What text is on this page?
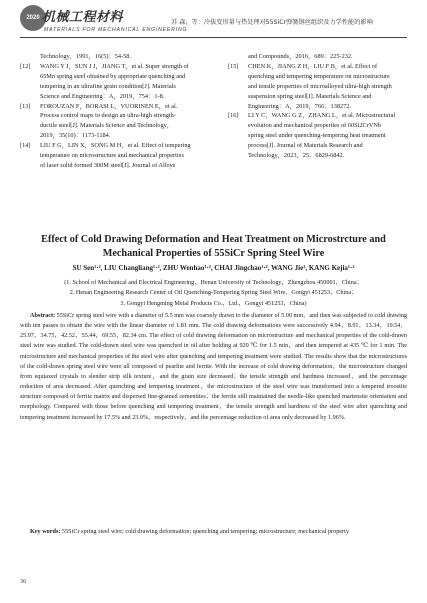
2020 机械工程材料
MATERIALS FOR MECHANICAL ENGINEERING
苏 森，等：冷拔变形量与热处理对55SiCr弹簧钢丝组织及力学性能的影响
Technology，1991，16(5)：54-58.
[12] WANG Y J，SUN J J，JIANG T，et al. Super strength of
65Mn spring steel obtained by appropriate quenching and
tempering in an ultrafine grain condition[J]. Materials
Science and Engineering：A，2019，754：1-8.
[13] FOROUZAN F，BORASI L，VUORINEN E，et al.
Process control maps to design an ultra-high strength-
ductile steel[J]. Materials Science and Technology，
2019，35(10)：1173-1184.
[14] LIU F G，LIN X，SONG M H，et al. Effect of tempering
temperature on microstructure and mechanical properties
of laser solid formed 300M steel[J]. Journal of Alloys
and Compounds，2016，689：225-232.
[15] CHEN K，JIANG Z H，LIU F B，et al. Effect of
quenching and tempering temperature on microstructure
and tensile properties of microalloyed ultra-high strength
suspension spring steel[J]. Materials Science and
Engineering：A，2019，766：138272.
[16] LI Y C，WANG G Z，ZHANG L，et al. Microstructural
evolution and mechanical properties of 60Si2CrVNb
spring steel under quenching-tempering heat treatment
process[J]. Journal of Materials Research and
Technology，2023，25：6829-6842.
Effect of Cold Drawing Deformation and Heat Treatment on Microstrcture and
Mechanical Properties of 55SiCr Spring Steel Wire
SU Sen¹·², LIU Changliang¹·², ZHU Wenhao¹·², CHAI Jingchao¹·², WANG Jie³, KANG Kejia¹·²
(1. School of Mechanical and Electrical Engineering，Henan University of Technology，Zhengzhou 450001，China；
2. Henan Engineering Research Center of Oil Quenching-Tempering Spring Steel Wire，Gongyi 451253，China；
3. Gongyi Hengming Metal Products Co.，Ltd.，Gongyi 451253，China)
Abstract: 55SiCr spring steel wire with a diameter of 5.5 mm was coarsely drawn to the diameter of 5.00 mm，and then was subjected to cold drawing with ten passes to obtain the wire with the linear diameter of 1.81 mm. The cold drawing deformations were successively 4.94，8.91，13.34，19.54，25.97，34.75，42.52，55.44，69.55，82.34 cm. The effect of cold drawing deformation on microstructure and mechanical properties of the cold-drawn steel wire was studied. The cold-drawn steel wire was quenched in oil after holding at 920 ℃ for 1.5 min，and then tempered at 435 ℃ for 1 min. The microstructure and mechanical properties of the steel wire after quenching and tempering treatment were studied. The results show that the microstructures of the cold-drawn spring steel wire were all composed of pearlite and ferrite. With the increase of cold drawing deformation，the microstructure changed from equiaxed crystals to slender strip silk texture，and the grain size decreased；the tensile strength and hardness increased，and the percentage reduction of area decreased. After quenching and tempering treatment，the microstructure of the steel wire was transformed into a tempered troostite structure composed of ferrite matrix and dispersed fine-grained cementites；the ferrite still maintained the needle-like quenched martensite orientation and morphology. Compared with those before quenching and tempering treatment，the tensile strength and hardness of the steel wire after quenching and tempering treatment increased by 17.5% and 23.0%，respectively，and the percentage reduction of area only decreased by 1.96%.
Key words: 55SiCr spring steel wire; cold drawing deformation; quenching and tempering; microstructure; mechanical property
36
